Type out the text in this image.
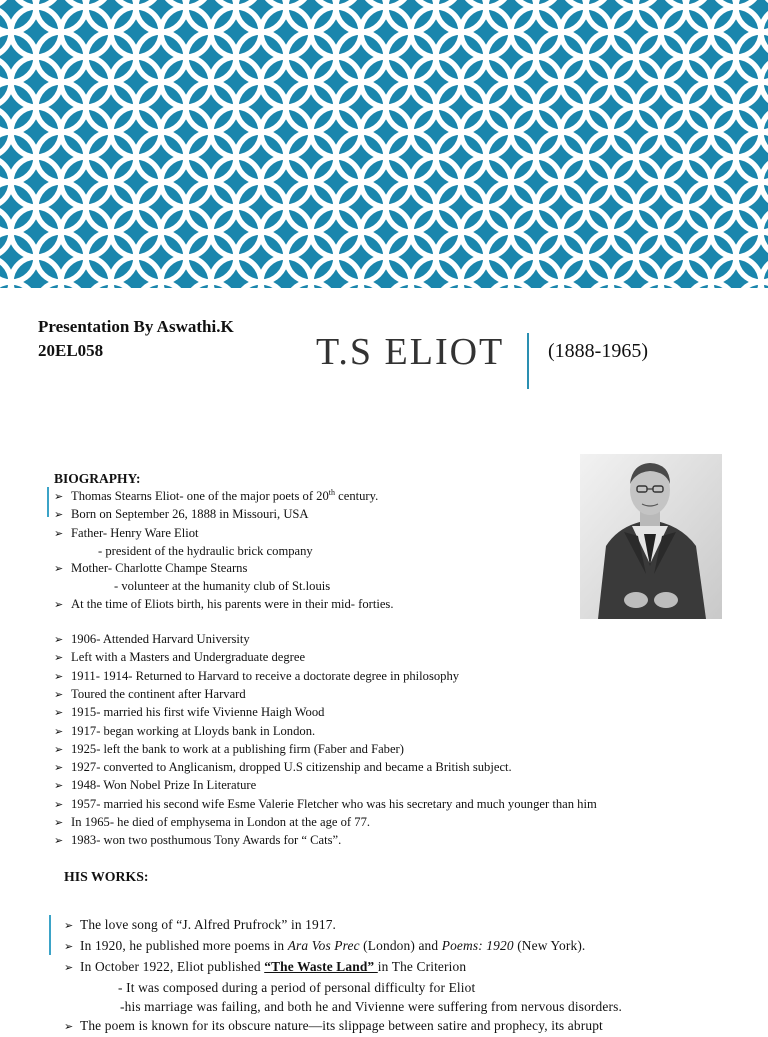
Presentation By Aswathi.K
20EL058	T.S ELIOT (1888-1965)
BIOGRAPHY:
➢ Thomas Stearns Eliot- one of the major poets of 20th century.
➢ Born on September 26, 1888 in Missouri, USA
➢ Father- Henry Ware Eliot
- president of the hydraulic brick company
➢ Mother- Charlotte Champe Stearns
- volunteer at the humanity club of St.louis
➢ At the time of Eliots birth, his parents were in their mid- forties.
➢ 1906- Attended Harvard University
➢ Left with a Masters and Undergraduate degree
➢ 1911- 1914- Returned to Harvard to receive a doctorate degree in philosophy
➢ Toured the continent after Harvard
➢ 1915- married his first wife Vivienne Haigh Wood
➢ 1917- began working at Lloyds bank in London.
➢ 1925- left the bank to work at a publishing firm (Faber and Faber)
➢ 1927- converted to Anglicanism, dropped U.S citizenship and became a British subject.
➢ 1948- Won Nobel Prize In Literature
➢ 1957- married his second wife Esme Valerie Fletcher who was his secretary and much younger than him
➢ In 1965- he died of emphysema in London at the age of 77.
➢ 1983- won two posthumous Tony Awards for “ Cats”.
HIS WORKS:
➢ The love song of “J. Alfred Prufrock” in 1917.
➢ In 1920, he published more poems in Ara Vos Prec (London) and Poems: 1920 (New York).
➢ In October 1922, Eliot published “The Waste Land” in The Criterion
- It was composed during a period of personal difficulty for Eliot
-his marriage was failing, and both he and Vivienne were suffering from nervous disorders.
➢ The poem is known for its obscure nature—its slippage between satire and prophecy, its abrupt
